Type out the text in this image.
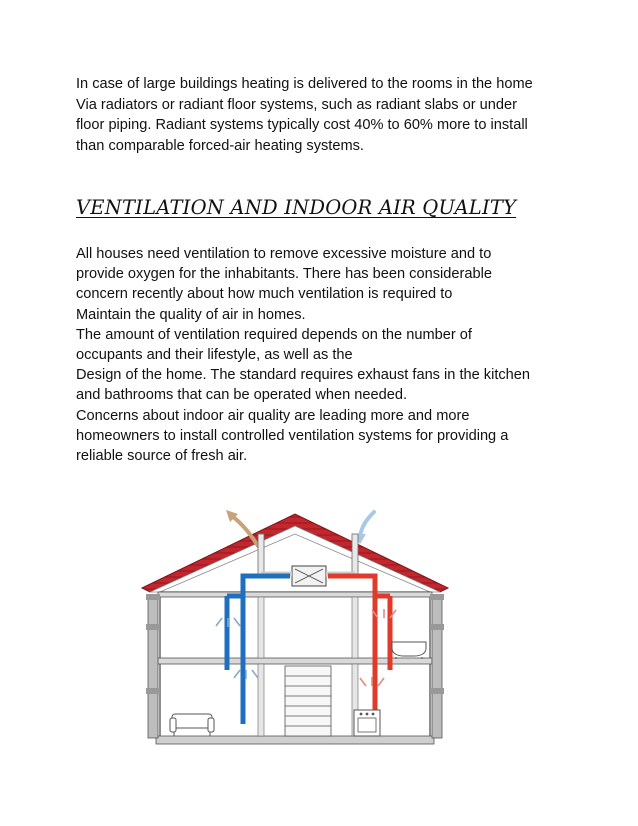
In case of large buildings heating is delivered to the rooms in the home
Via radiators or radiant floor systems, such as radiant slabs or under
floor piping. Radiant systems typically cost 40% to 60% more to install
than comparable forced-air heating systems.
VENTILATION AND INDOOR AIR QUALITY
All houses need ventilation to remove excessive moisture and to
provide oxygen for the inhabitants. There has been considerable
concern recently about how much ventilation is required to
Maintain the quality of air in homes.
The amount of ventilation required depends on the number of
occupants and their lifestyle, as well as the
Design of the home. The standard requires exhaust fans in the kitchen
and bathrooms that can be operated when needed.
Concerns about indoor air quality are leading more and more
homeowners to install controlled ventilation systems for providing a
reliable source of fresh air.
